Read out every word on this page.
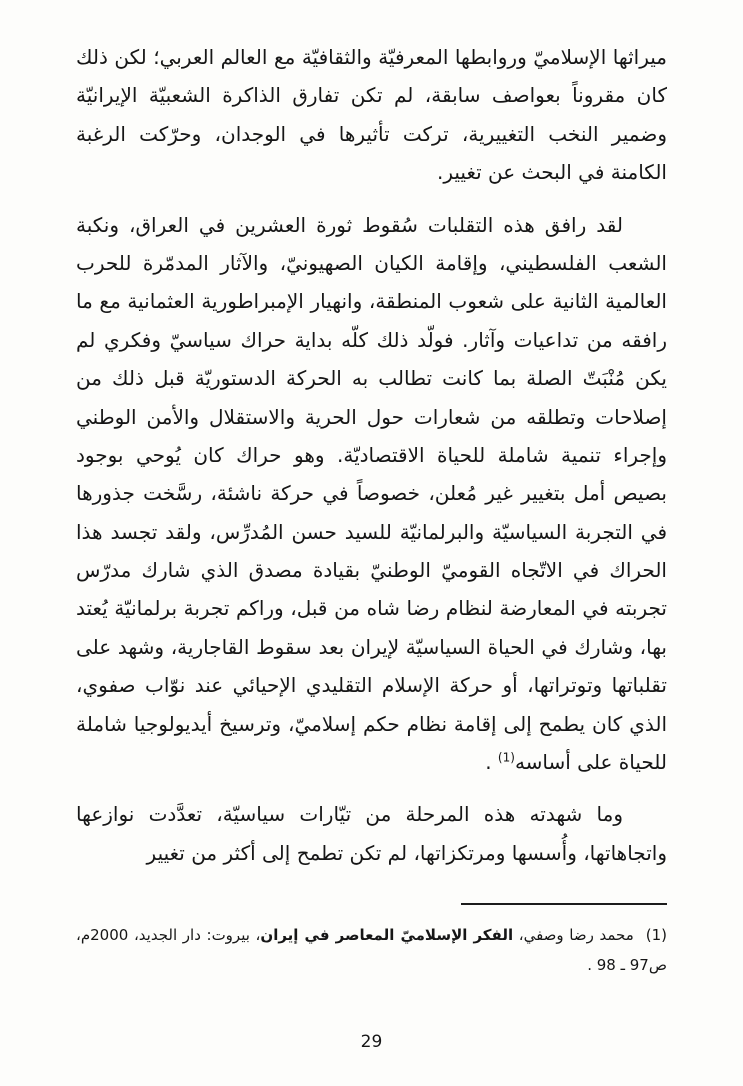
ميراثها الإسلاميّ وروابطها المعرفيّة والثقافيّة مع العالم العربي؛ لكن ذلك كان مقروناً بعواصف سابقة، لم تكن تفارق الذاكرة الشعبيّة الإيرانيّة وضمير النخب التغييرية، تركت تأثيرها في الوجدان، وحرّكت الرغبة الكامنة في البحث عن تغيير.

لقد رافق هذه التقلبات سُقوط ثورة العشرين في العراق، ونكبة الشعب الفلسطيني، وإقامة الكيان الصهيونيّ، والآثار المدمّرة للحرب العالمية الثانية على شعوب المنطقة، وانهيار الإمبراطورية العثمانية مع ما رافقه من تداعيات وآثار. فولّد ذلك كلّه بداية حراك سياسيّ وفكري لم يكن مُنْبَتّ الصلة بما كانت تطالب به الحركة الدستوريّة قبل ذلك من إصلاحات وتطلقه من شعارات حول الحرية والاستقلال والأمن الوطني وإجراء تنمية شاملة للحياة الاقتصاديّة. وهو حراك كان يُوحي بوجود بصيص أمل بتغيير غير مُعلن، خصوصاً في حركة ناشئة، رسَّخت جذورها في التجربة السياسيّة والبرلمانيّة للسيد حسن المُدرِّس، ولقد تجسد هذا الحراك في الاتّجاه القوميّ الوطنيّ بقيادة مصدق الذي شارك مدرّس تجربته في المعارضة لنظام رضا شاه من قبل، وراكم تجربة برلمانيّة يُعتد بها، وشارك في الحياة السياسيّة لإيران بعد سقوط القاجارية، وشهد على تقلباتها وتوتراتها، أو حركة الإسلام التقليدي الإحيائي عند نوّاب صفوي، الذي كان يطمح إلى إقامة نظام حكم إسلاميّ، وترسيخ أيديولوجيا شاملة للحياة على أساسه$^{(1)}$ .

وما شهدته هذه المرحلة من تيّارات سياسيّة، تعدَّدت نوازعها واتجاهاتها، وأُسسها ومرتكزاتها، لم تكن تطمح إلى أكثر من تغيير

(1)محمد رضا وصفي، الفكر الإسلاميّ المعاصر في إيران، بيروت: دار الجديد، 2000م، ص97 ـ 98 .

29
